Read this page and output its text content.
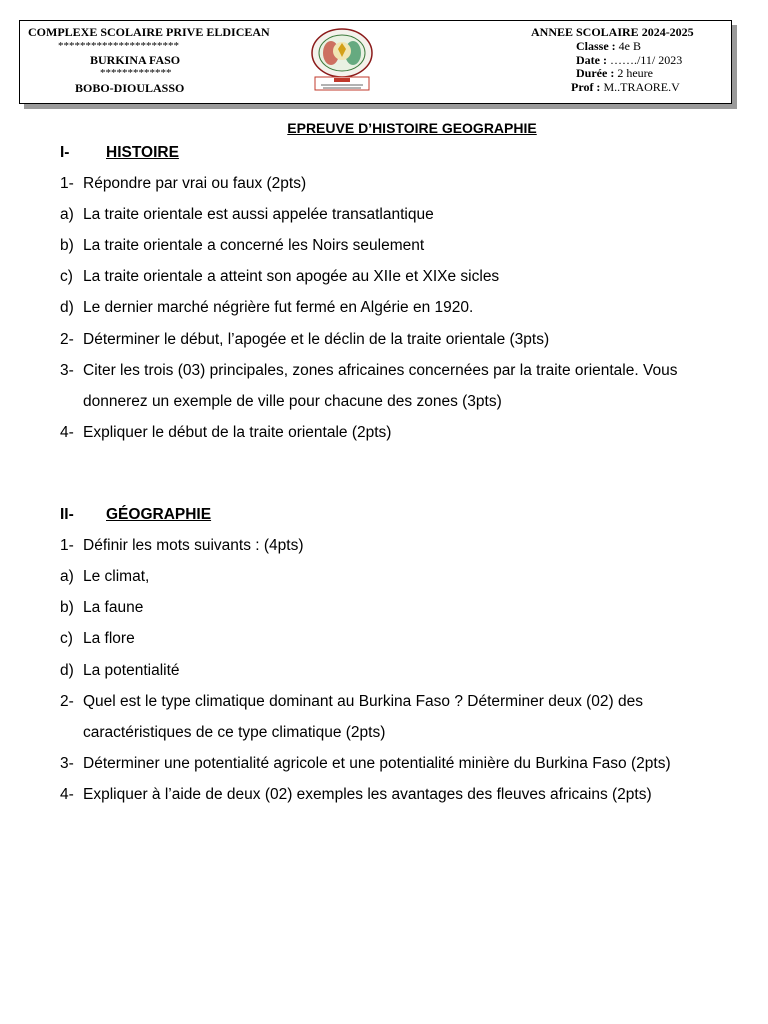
COMPLEXE SCOLAIRE PRIVE ELDICEAN
**********************
BURKINA FASO
*************
BOBO-DIOULASSO
ANNEE SCOLAIRE 2024-2025
Classe : 4e B
Date : ……./11/ 2023
Durée : 2 heure
Prof : M..TRAORE.V
EPREUVE D’HISTOIRE GEOGRAPHIE
I- HISTOIRE
1- Répondre par vrai ou faux (2pts)
a) La traite orientale est aussi appelée transatlantique
b) La traite orientale a concerné les Noirs seulement
c) La traite orientale a atteint son apogée au XIIe et XIXe sicles
d) Le dernier marché négrière fut fermé en Algérie en 1920.
2- Déterminer le début, l’apogée et le déclin de la traite orientale (3pts)
3- Citer les trois (03) principales, zones africaines concernées par la traite orientale. Vous
donnerez un exemple de ville pour chacune des zones (3pts)
4- Expliquer le début de la traite orientale (2pts)
II- GÉOGRAPHIE
1- Définir les mots suivants : (4pts)
a) Le climat,
b) La faune
c) La flore
d) La potentialité
2- Quel est le type climatique dominant au Burkina Faso ? Déterminer deux (02) des
caractéristiques de ce type climatique (2pts)
3- Déterminer une potentialité agricole et une potentialité minière du Burkina Faso (2pts)
4- Expliquer à l’aide de deux (02) exemples les avantages des fleuves africains (2pts)
